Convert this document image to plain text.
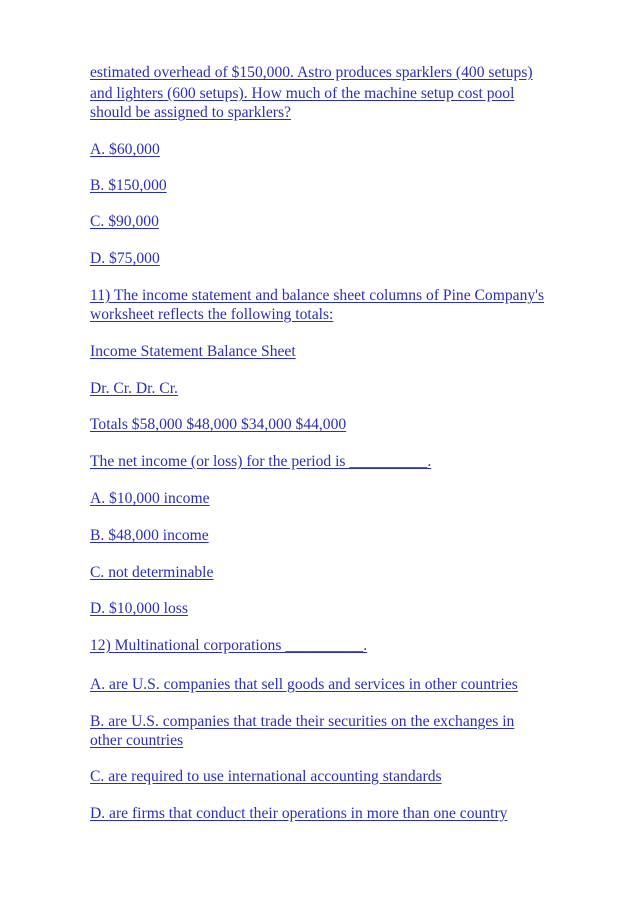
estimated overhead of $150,000. Astro produces sparklers (400 setups)
and lighters (600 setups). How much of the machine setup cost pool
should be assigned to sparklers?
A. $60,000
B. $150,000
C. $90,000
D. $75,000
11) The income statement and balance sheet columns of Pine Company's
worksheet reflects the following totals:
Income Statement Balance Sheet
Dr. Cr. Dr. Cr.
Totals $58,000 $48,000 $34,000 $44,000
The net income (or loss) for the period is __________.
A. $10,000 income
B. $48,000 income
C. not determinable
D. $10,000 loss
12) Multinational corporations __________.
A. are U.S. companies that sell goods and services in other countries
B. are U.S. companies that trade their securities on the exchanges in
other countries
C. are required to use international accounting standards
D. are firms that conduct their operations in more than one country
